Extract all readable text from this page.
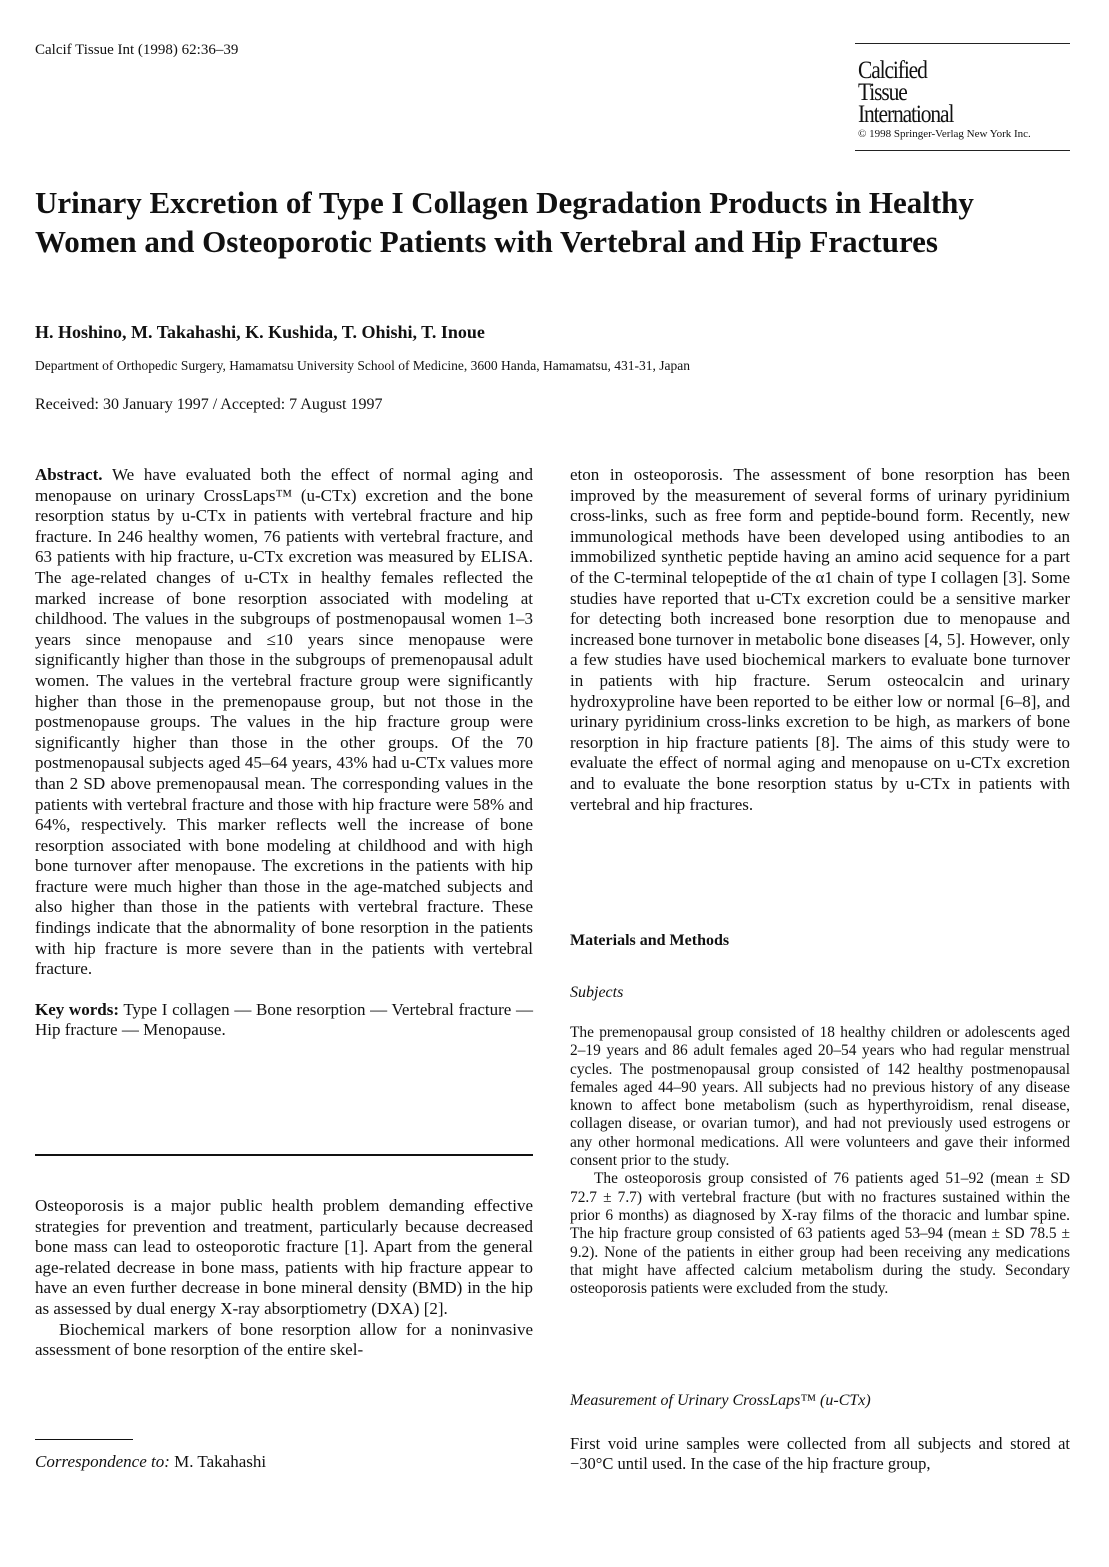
Calcif Tissue Int (1998) 62:36–39
Calcified
Tissue
International
© 1998 Springer-Verlag New York Inc.
Urinary Excretion of Type I Collagen Degradation Products in Healthy Women and Osteoporotic Patients with Vertebral and Hip Fractures
H. Hoshino, M. Takahashi, K. Kushida, T. Ohishi, T. Inoue
Department of Orthopedic Surgery, Hamamatsu University School of Medicine, 3600 Handa, Hamamatsu, 431-31, Japan
Received: 30 January 1997 / Accepted: 7 August 1997

Abstract. We have evaluated both the effect of normal aging and menopause on urinary CrossLaps™ (u-CTx) excretion and the bone resorption status by u-CTx in patients with vertebral fracture and hip fracture. In 246 healthy women, 76 patients with vertebral fracture, and 63 patients with hip fracture, u-CTx excretion was measured by ELISA. The age-related changes of u-CTx in healthy females reflected the marked increase of bone resorption associated with modeling at childhood. The values in the subgroups of postmenopausal women 1–3 years since menopause and ≤10 years since menopause were significantly higher than those in the subgroups of premenopausal adult women. The values in the vertebral fracture group were significantly higher than those in the premenopause group, but not those in the postmenopause groups. The values in the hip fracture group were significantly higher than those in the other groups. Of the 70 postmenopausal subjects aged 45–64 years, 43% had u-CTx values more than 2 SD above premenopausal mean. The corresponding values in the patients with vertebral fracture and those with hip fracture were 58% and 64%, respectively. This marker reflects well the increase of bone resorption associated with bone modeling at childhood and with high bone turnover after menopause. The excretions in the patients with hip fracture were much higher than those in the age-matched subjects and also higher than those in the patients with vertebral fracture. These findings indicate that the abnormality of bone resorption in the patients with hip fracture is more severe than in the patients with vertebral fracture.

Key words: Type I collagen — Bone resorption — Vertebral fracture — Hip fracture — Menopause.

Osteoporosis is a major public health problem demanding effective strategies for prevention and treatment, particularly because decreased bone mass can lead to osteoporotic fracture [1]. Apart from the general age-related decrease in bone mass, patients with hip fracture appear to have an even further decrease in bone mineral density (BMD) in the hip as assessed by dual energy X-ray absorptiometry (DXA) [2].

Biochemical markers of bone resorption allow for a noninvasive assessment of bone resorption of the entire skel-

Correspondence to: M. Takahashi

eton in osteoporosis. The assessment of bone resorption has been improved by the measurement of several forms of urinary pyridinium cross-links, such as free form and peptide-bound form. Recently, new immunological methods have been developed using antibodies to an immobilized synthetic peptide having an amino acid sequence for a part of the C-terminal telopeptide of the α1 chain of type I collagen [3]. Some studies have reported that u-CTx excretion could be a sensitive marker for detecting both increased bone resorption due to menopause and increased bone turnover in metabolic bone diseases [4, 5]. However, only a few studies have used biochemical markers to evaluate bone turnover in patients with hip fracture. Serum osteocalcin and urinary hydroxyproline have been reported to be either low or normal [6–8], and urinary pyridinium cross-links excretion to be high, as markers of bone resorption in hip fracture patients [8]. The aims of this study were to evaluate the effect of normal aging and menopause on u-CTx excretion and to evaluate the bone resorption status by u-CTx in patients with vertebral and hip fractures.

Materials and Methods
Subjects

The premenopausal group consisted of 18 healthy children or adolescents aged 2–19 years and 86 adult females aged 20–54 years who had regular menstrual cycles. The postmenopausal group consisted of 142 healthy postmenopausal females aged 44–90 years. All subjects had no previous history of any disease known to affect bone metabolism (such as hyperthyroidism, renal disease, collagen disease, or ovarian tumor), and had not previously used estrogens or any other hormonal medications. All were volunteers and gave their informed consent prior to the study.

The osteoporosis group consisted of 76 patients aged 51–92 (mean ± SD 72.7 ± 7.7) with vertebral fracture (but with no fractures sustained within the prior 6 months) as diagnosed by X-ray films of the thoracic and lumbar spine. The hip fracture group consisted of 63 patients aged 53–94 (mean ± SD 78.5 ± 9.2). None of the patients in either group had been receiving any medications that might have affected calcium metabolism during the study. Secondary osteoporosis patients were excluded from the study.

Measurement of Urinary CrossLaps™ (u-CTx)
First void urine samples were collected from all subjects and stored at −30°C until used. In the case of the hip fracture group,
